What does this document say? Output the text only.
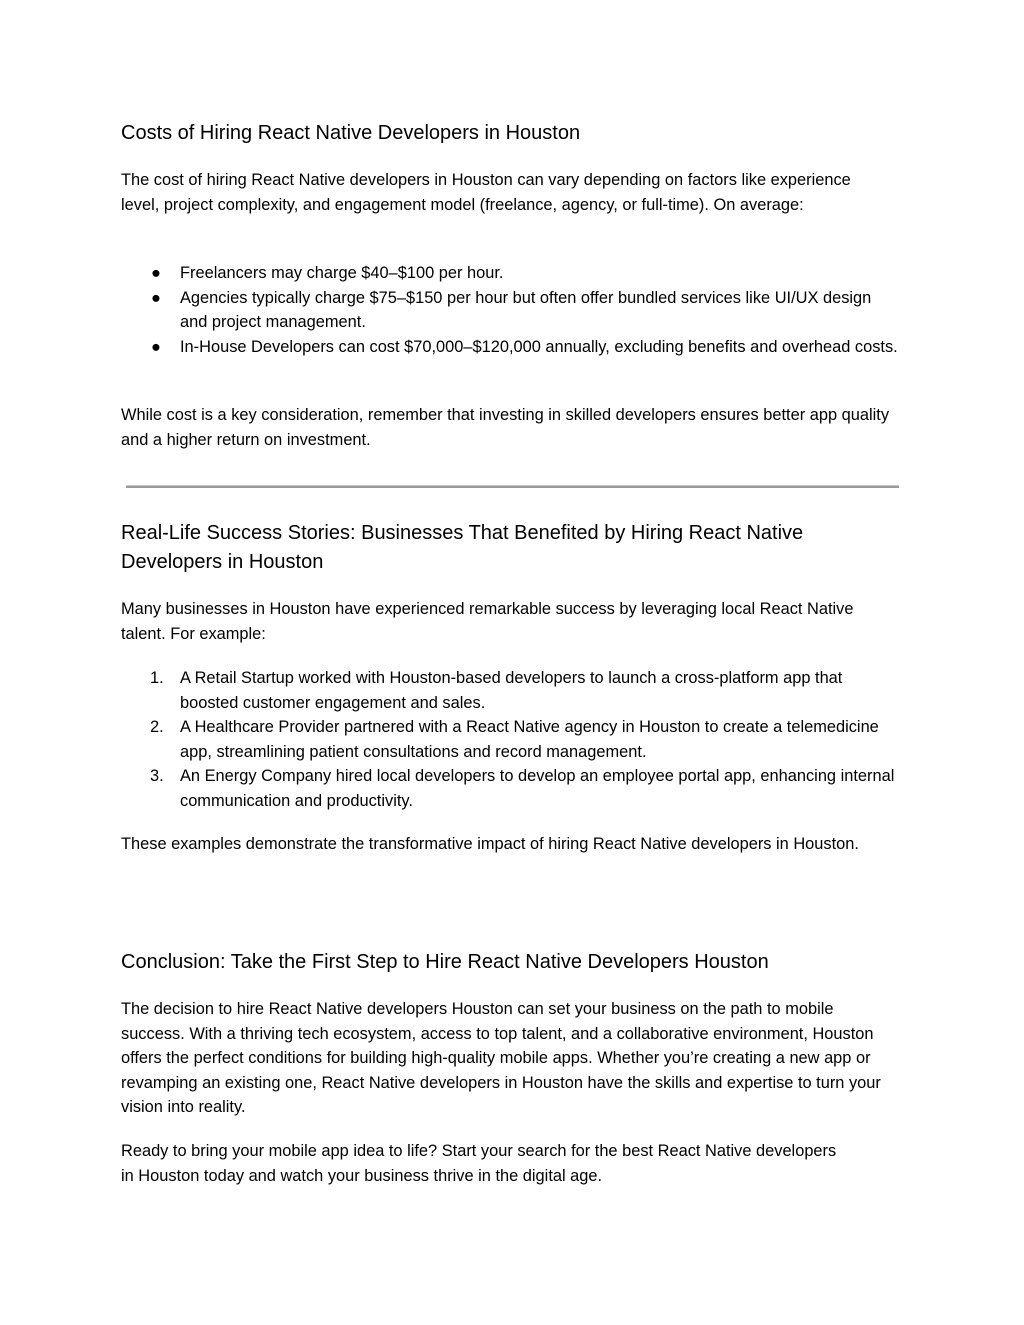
Costs of Hiring React Native Developers in Houston

The cost of hiring React Native developers in Houston can vary depending on factors like experience level, project complexity, and engagement model (freelance, agency, or full-time). On average:

● Freelancers may charge $40–$100 per hour.
● Agencies typically charge $75–$150 per hour but often offer bundled services like UI/UX design and project management.
● In-House Developers can cost $70,000–$120,000 annually, excluding benefits and overhead costs.

While cost is a key consideration, remember that investing in skilled developers ensures better app quality and a higher return on investment.

Real-Life Success Stories: Businesses That Benefited by Hiring React Native Developers in Houston

Many businesses in Houston have experienced remarkable success by leveraging local React Native talent. For example:

1. A Retail Startup worked with Houston-based developers to launch a cross-platform app that boosted customer engagement and sales.
2. A Healthcare Provider partnered with a React Native agency in Houston to create a telemedicine app, streamlining patient consultations and record management.
3. An Energy Company hired local developers to develop an employee portal app, enhancing internal communication and productivity.

These examples demonstrate the transformative impact of hiring React Native developers in Houston.

Conclusion: Take the First Step to Hire React Native Developers Houston

The decision to hire React Native developers Houston can set your business on the path to mobile success. With a thriving tech ecosystem, access to top talent, and a collaborative environment, Houston offers the perfect conditions for building high-quality mobile apps. Whether you’re creating a new app or revamping an existing one, React Native developers in Houston have the skills and expertise to turn your vision into reality.

Ready to bring your mobile app idea to life? Start your search for the best React Native developers in Houston today and watch your business thrive in the digital age.
